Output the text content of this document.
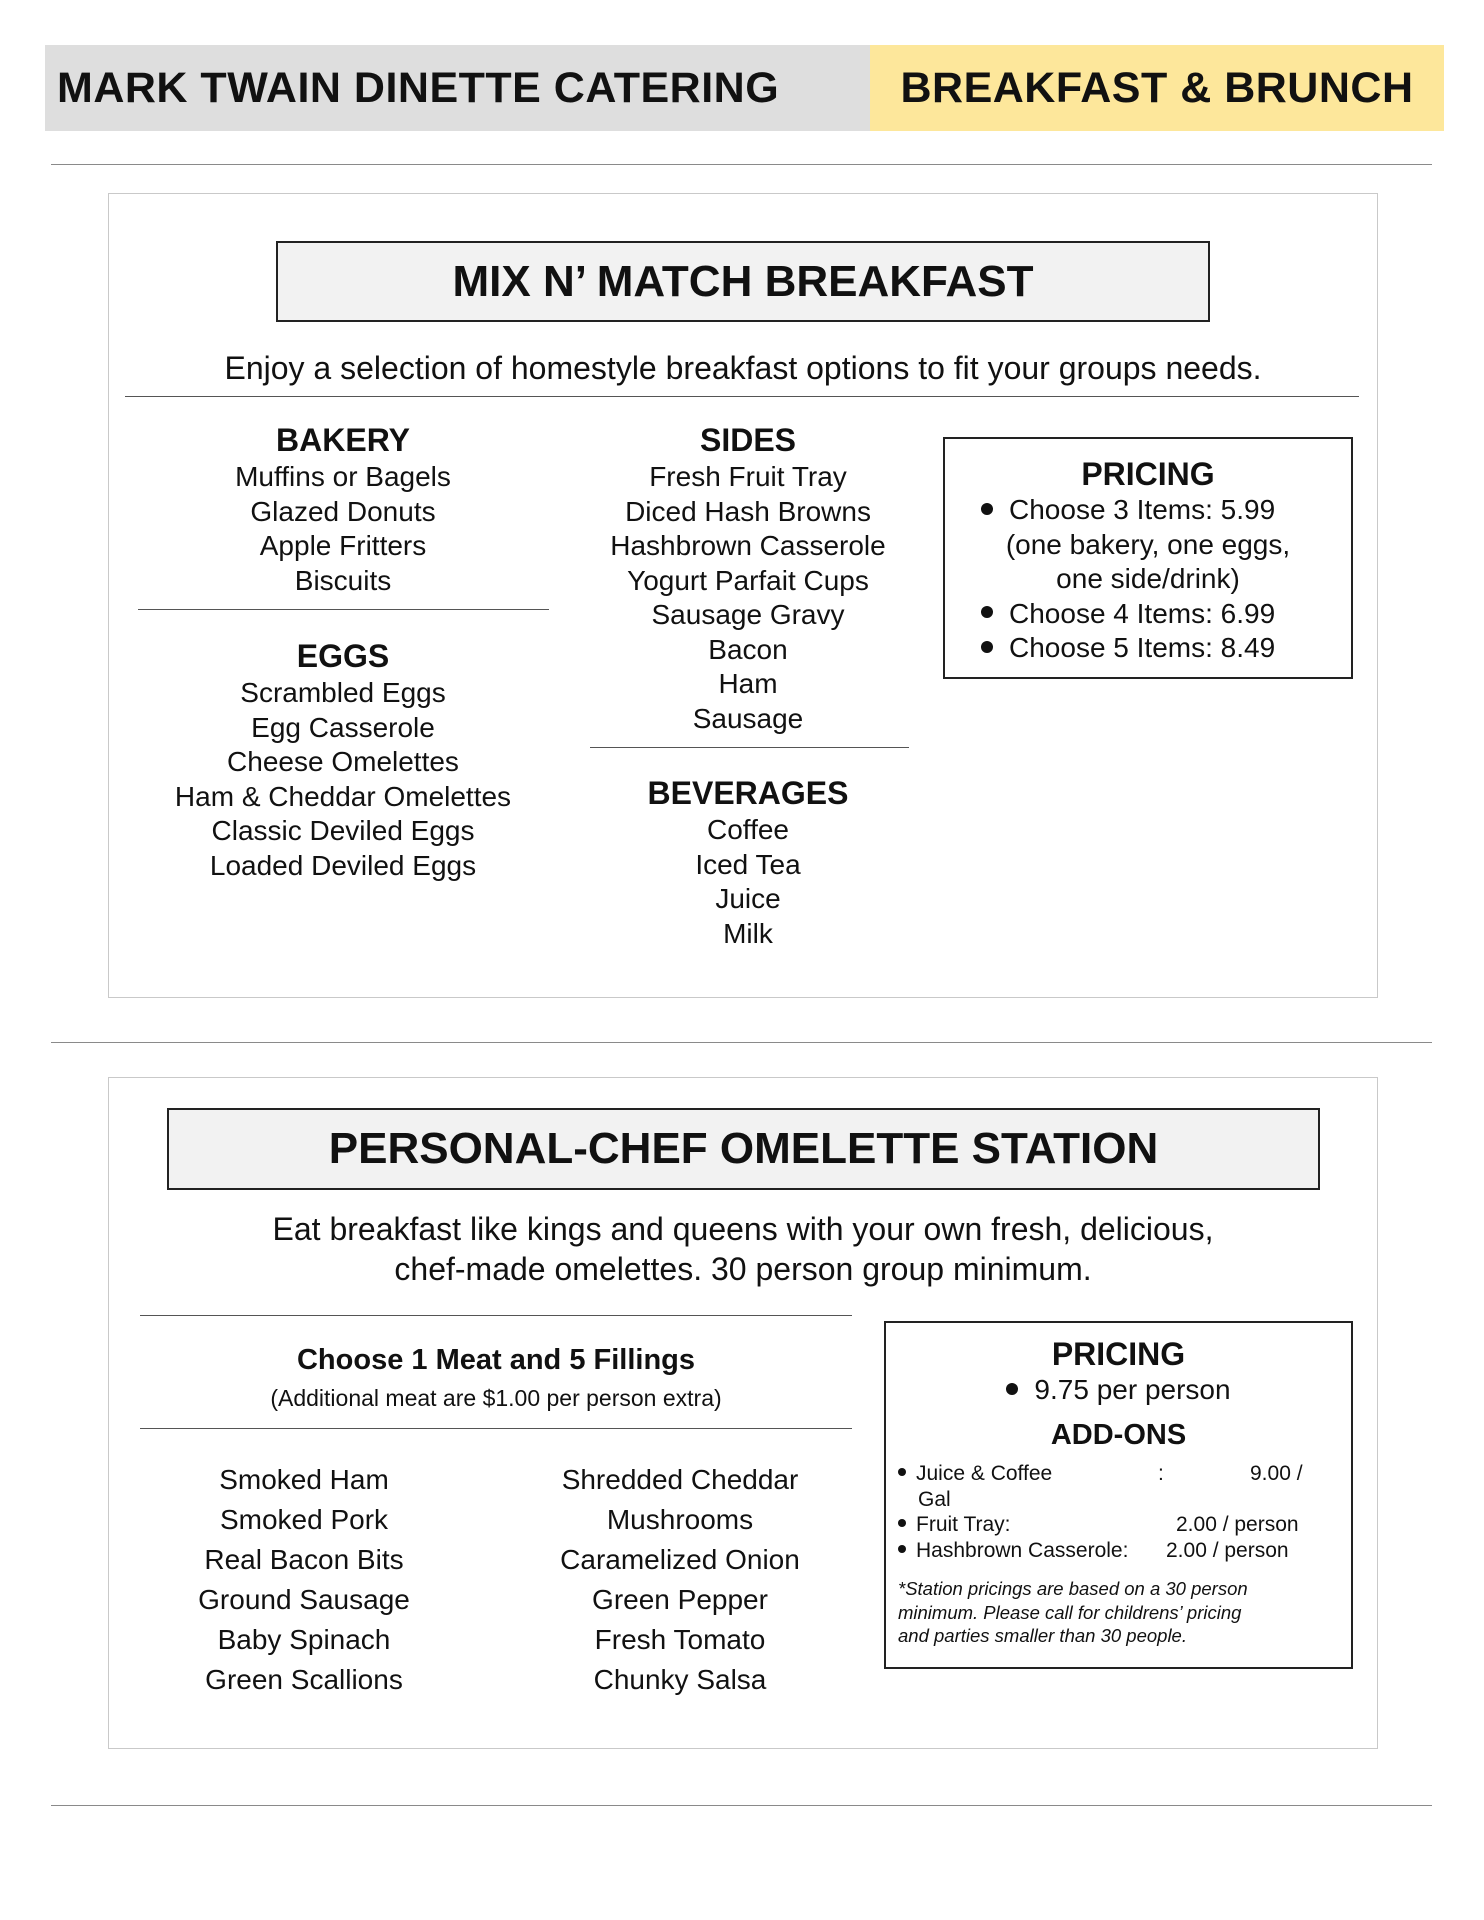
MARK TWAIN DINETTE CATERING	BREAKFAST & BRUNCH
MIX N’ MATCH BREAKFAST
Enjoy a selection of homestyle breakfast options to fit your groups needs.
BAKERY
Muffins or Bagels
Glazed Donuts
Apple Fritters
Biscuits
EGGS
Scrambled Eggs
Egg Casserole
Cheese Omelettes
Ham & Cheddar Omelettes
Classic Deviled Eggs
Loaded Deviled Eggs
SIDES
Fresh Fruit Tray
Diced Hash Browns
Hashbrown Casserole
Yogurt Parfait Cups
Sausage Gravy
Bacon
Ham
Sausage
BEVERAGES
Coffee
Iced Tea
Juice
Milk
PRICING
Choose 3 Items: 5.99
(one bakery, one eggs,
one side/drink)
Choose 4 Items: 6.99
Choose 5 Items: 8.49
PERSONAL-CHEF OMELETTE STATION
Eat breakfast like kings and queens with your own fresh, delicious,
chef-made omelettes. 30 person group minimum.
Choose 1 Meat and 5 Fillings
(Additional meat are $1.00 per person extra)
Smoked Ham
Smoked Pork
Real Bacon Bits
Ground Sausage
Baby Spinach
Green Scallions
Shredded Cheddar
Mushrooms
Caramelized Onion
Green Pepper
Fresh Tomato
Chunky Salsa
PRICING
9.75 per person
ADD-ONS
Juice & Coffee	:	9.00 /
Gal
Fruit Tray:	2.00 / person
Hashbrown Casserole: 2.00 / person
*Station pricings are based on a 30 person
minimum. Please call for childrens’ pricing
and parties smaller than 30 people.
